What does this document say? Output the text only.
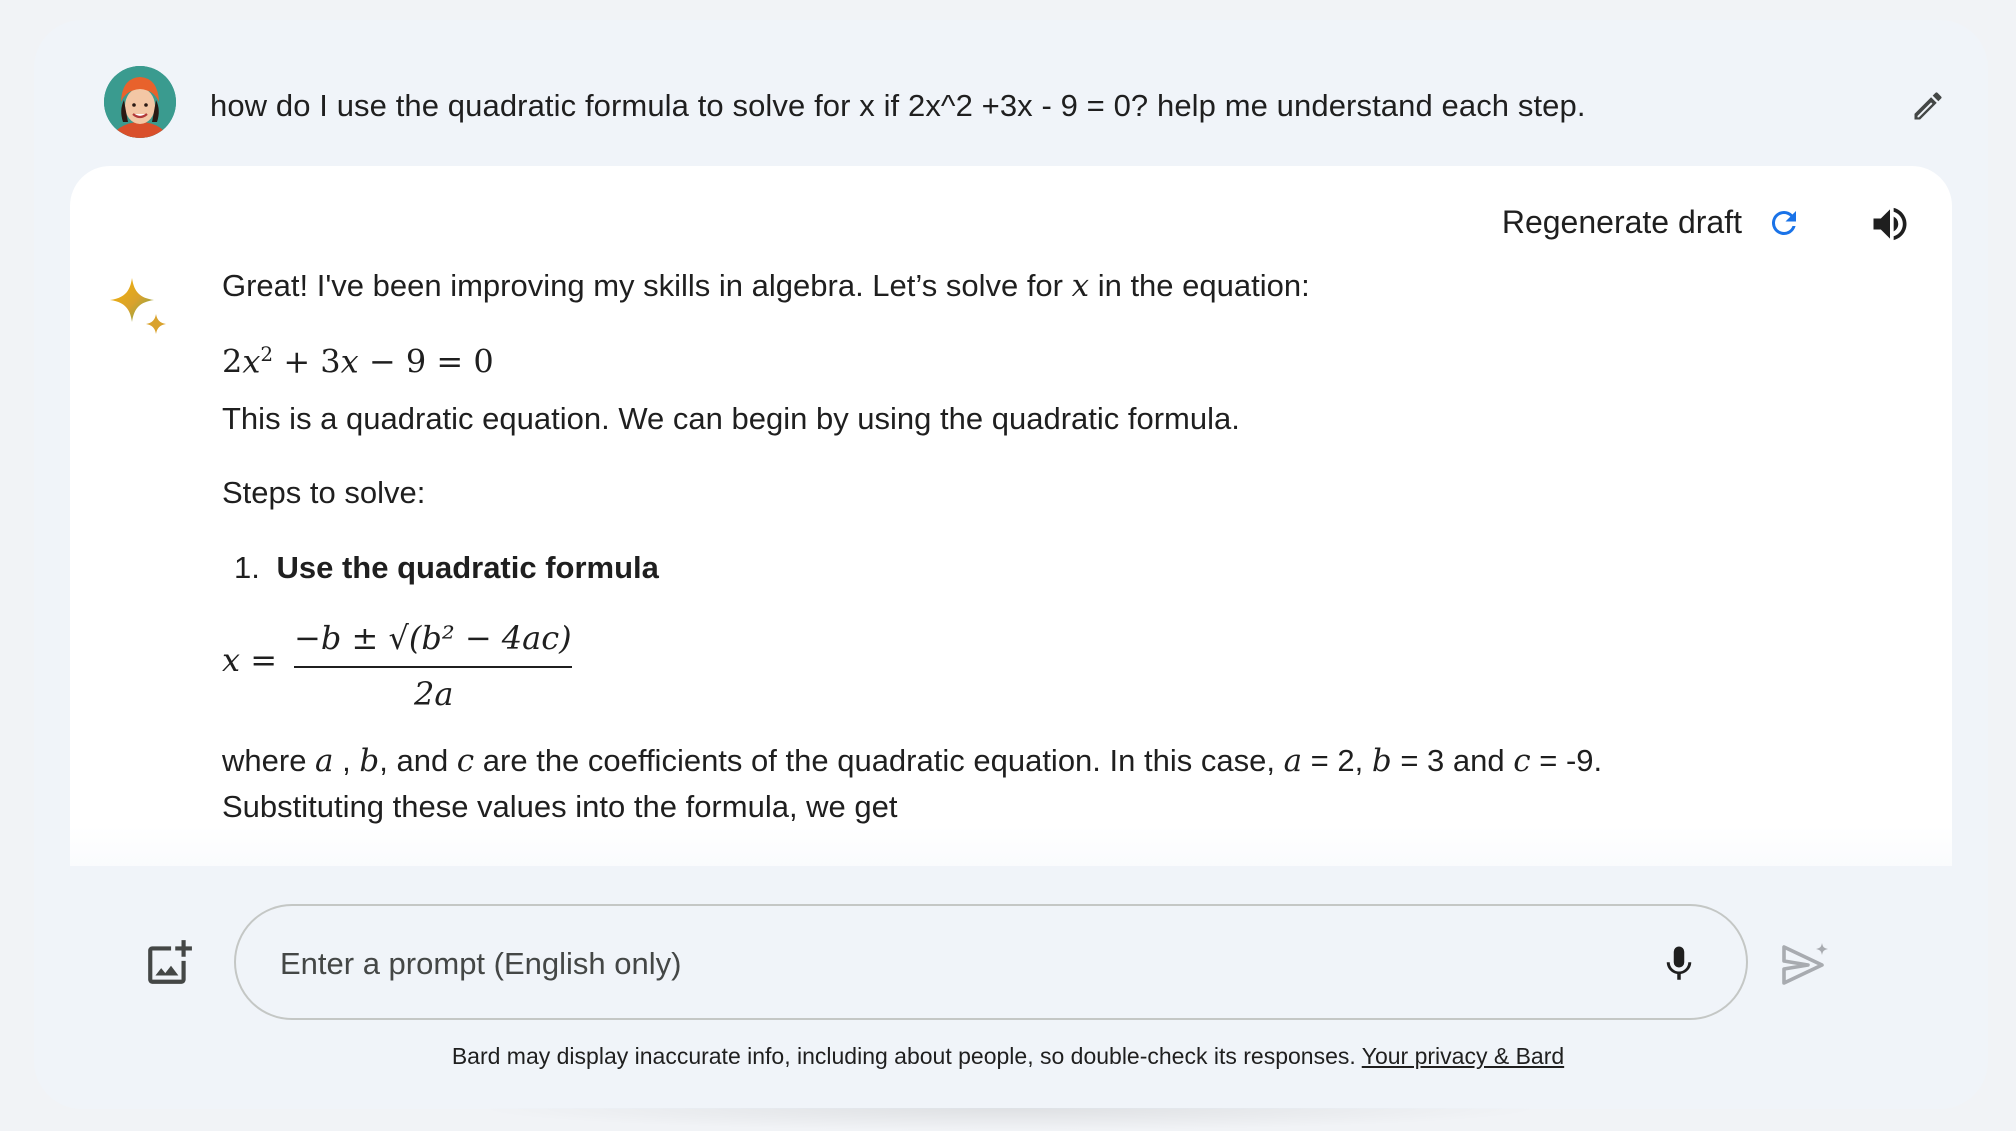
how do I use the quadratic formula to solve for x if 2x^2 +3x - 9 = 0? help me understand each step.
Regenerate draft
Great! I've been improving my skills in algebra. Let’s solve for x in the equation:
$2x^2 + 3x - 9 = 0$
This is a quadratic equation. We can begin by using the quadratic formula.
Steps to solve:
1. Use the quadratic formula
x =
−b ± √(b² − 4ac)
2a
where a , b, and c are the coefficients of the quadratic equation. In this case, a = 2, b = 3 and c = -9.
Substituting these values into the formula, we get
Enter a prompt (English only)
Bard may display inaccurate info, including about people, so double-check its responses. Your privacy & Bard
